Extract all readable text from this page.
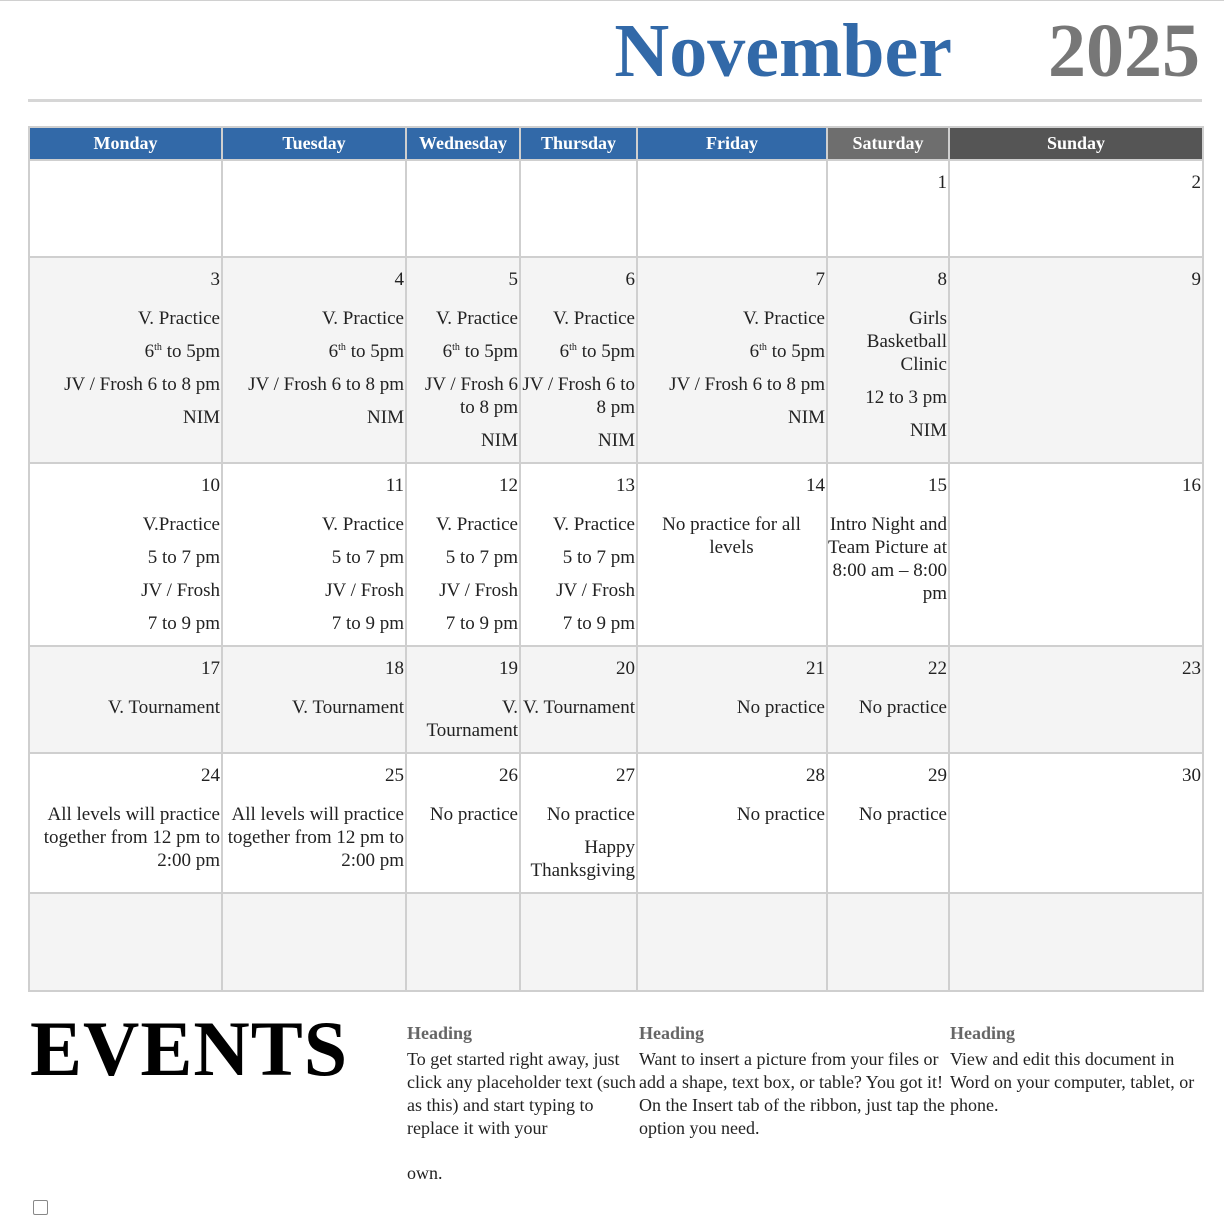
November 2025
Monday	Tuesday	Wednesday	Thursday	Friday	Saturday	Sunday

					1	2

3
V. Practice
6th to 5pm
JV / Frosh 6 to 8 pm
NIM	4
V. Practice
6th to 5pm
JV / Frosh 6 to 8 pm
NIM	5
V. Practice
6th to 5pm
JV / Frosh 6 to 8 pm
NIM	6
V. Practice
6th to 5pm
JV / Frosh 6 to 8 pm
NIM	7
V. Practice
6th to 5pm
JV / Frosh 6 to 8 pm
NIM	8
Girls Basketball Clinic
12 to 3 pm
NIM	9

10
V.Practice
5 to 7 pm
JV / Frosh
7 to 9 pm	11
V. Practice
5 to 7 pm
JV / Frosh
7 to 9 pm	12
V. Practice
5 to 7 pm
JV / Frosh
7 to 9 pm	13
V. Practice
5 to 7 pm
JV / Frosh
7 to 9 pm	14
No practice for all levels	15
Intro Night and Team Picture at 8:00 am – 8:00 pm	16

17
V. Tournament	18
V. Tournament	19
V. Tournament	20
V. Tournament	21
No practice	22
No practice	23

24
All levels will practice together from 12 pm to 2:00 pm	25
All levels will practice together from 12 pm to 2:00 pm	26
No practice	27
No practice
Happy Thanksgiving	28
No practice	29
No practice	30

EVENTS	Heading
To get started right away, just click any placeholder text (such as this) and start typing to replace it with your
own.
Heading
Want to insert a picture from your files or add a shape, text box, or table? You got it! On the Insert tab of the ribbon, just tap the option you need.
Heading
View and edit this document in Word on your computer, tablet, or phone.
